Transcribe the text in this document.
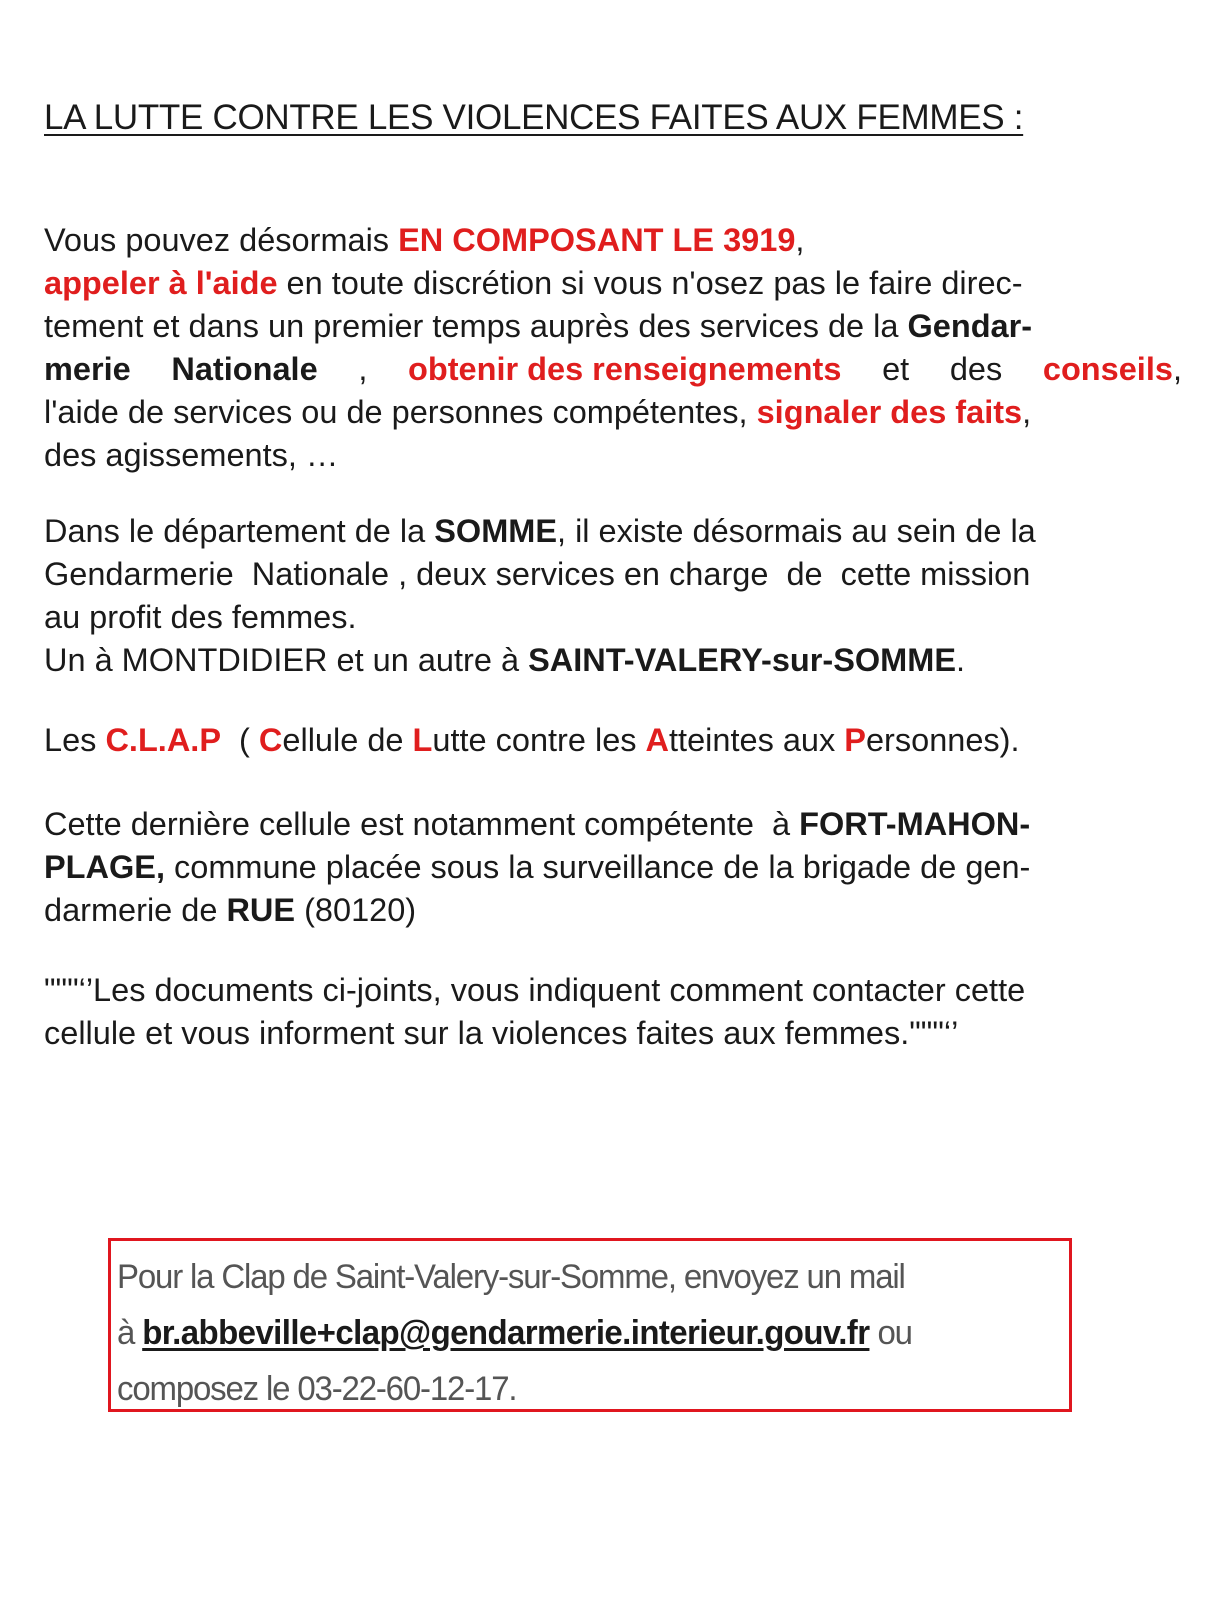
LA LUTTE CONTRE LES VIOLENCES FAITES AUX FEMMES :
Vous pouvez désormais EN COMPOSANT LE 3919,
appeler à l'aide en toute discrétion si vous n'osez pas le faire direc-
tement et dans un premier temps auprès des services de la Gendar-
merie Nationale , obtenir des renseignements et des conseils,
l'aide de services ou de personnes compétentes, signaler des faits,
des agissements, …
Dans le département de la SOMME, il existe désormais au sein de la
Gendarmerie  Nationale , deux services en charge  de  cette mission
au profit des femmes.
Un à MONTDIDIER et un autre à SAINT-VALERY-sur-SOMME.
Les C.L.A.P  ( Cellule de Lutte contre les Atteintes aux Personnes).
Cette dernière cellule est notamment compétente  à FORT-MAHON-
PLAGE, commune placée sous la surveillance de la brigade de gen-
darmerie de RUE (80120)
"""‘’Les documents ci-joints, vous indiquent comment contacter cette
cellule et vous informent sur la violences faites aux femmes."""‘’
Pour la Clap de Saint-Valery-sur-Somme, envoyez un mail
à br.abbeville+clap@gendarmerie.interieur.gouv.fr ou
composez le 03-22-60-12-17.
